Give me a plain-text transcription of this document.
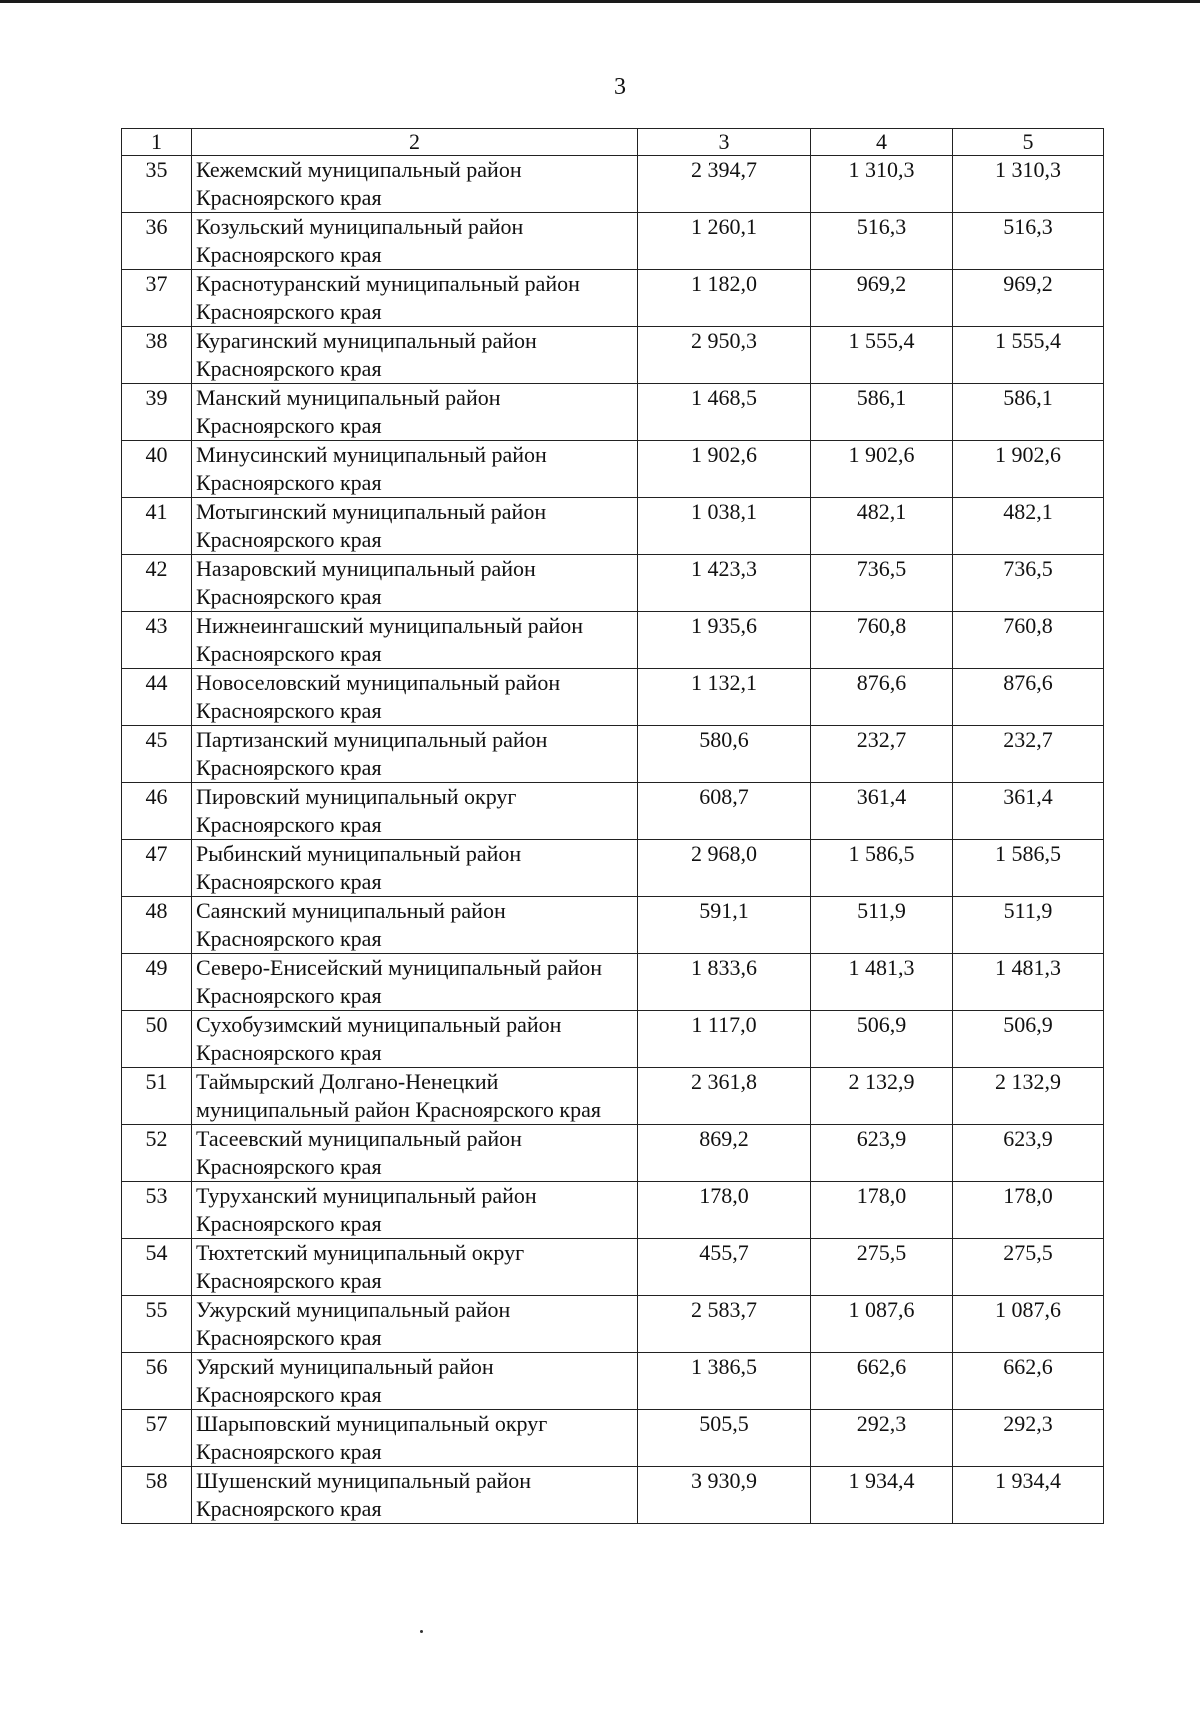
3
1	2	3	4	5
35	Кежемский муниципальный район Красноярского края	2 394,7	1 310,3	1 310,3
36	Козульский муниципальный район Красноярского края	1 260,1	516,3	516,3
37	Краснотуранский муниципальный район Красноярского края	1 182,0	969,2	969,2
38	Курагинский муниципальный район Красноярского края	2 950,3	1 555,4	1 555,4
39	Манский муниципальный район Красноярского края	1 468,5	586,1	586,1
40	Минусинский муниципальный район Красноярского края	1 902,6	1 902,6	1 902,6
41	Мотыгинский муниципальный район Красноярского края	1 038,1	482,1	482,1
42	Назаровский муниципальный район Красноярского края	1 423,3	736,5	736,5
43	Нижнеингашский муниципальный район Красноярского края	1 935,6	760,8	760,8
44	Новоселовский муниципальный район Красноярского края	1 132,1	876,6	876,6
45	Партизанский муниципальный район Красноярского края	580,6	232,7	232,7
46	Пировский муниципальный округ Красноярского края	608,7	361,4	361,4
47	Рыбинский муниципальный район Красноярского края	2 968,0	1 586,5	1 586,5
48	Саянский муниципальный район Красноярского края	591,1	511,9	511,9
49	Северо-Енисейский муниципальный район Красноярского края	1 833,6	1 481,3	1 481,3
50	Сухобузимский муниципальный район Красноярского края	1 117,0	506,9	506,9
51	Таймырский Долгано-Ненецкий муниципальный район Красноярского края	2 361,8	2 132,9	2 132,9
52	Тасеевский муниципальный район Красноярского края	869,2	623,9	623,9
53	Туруханский муниципальный район Красноярского края	178,0	178,0	178,0
54	Тюхтетский муниципальный округ Красноярского края	455,7	275,5	275,5
55	Ужурский муниципальный район Красноярского края	2 583,7	1 087,6	1 087,6
56	Уярский муниципальный район Красноярского края	1 386,5	662,6	662,6
57	Шарыповский муниципальный округ Красноярского края	505,5	292,3	292,3
58	Шушенский муниципальный район Красноярского края	3 930,9	1 934,4	1 934,4
